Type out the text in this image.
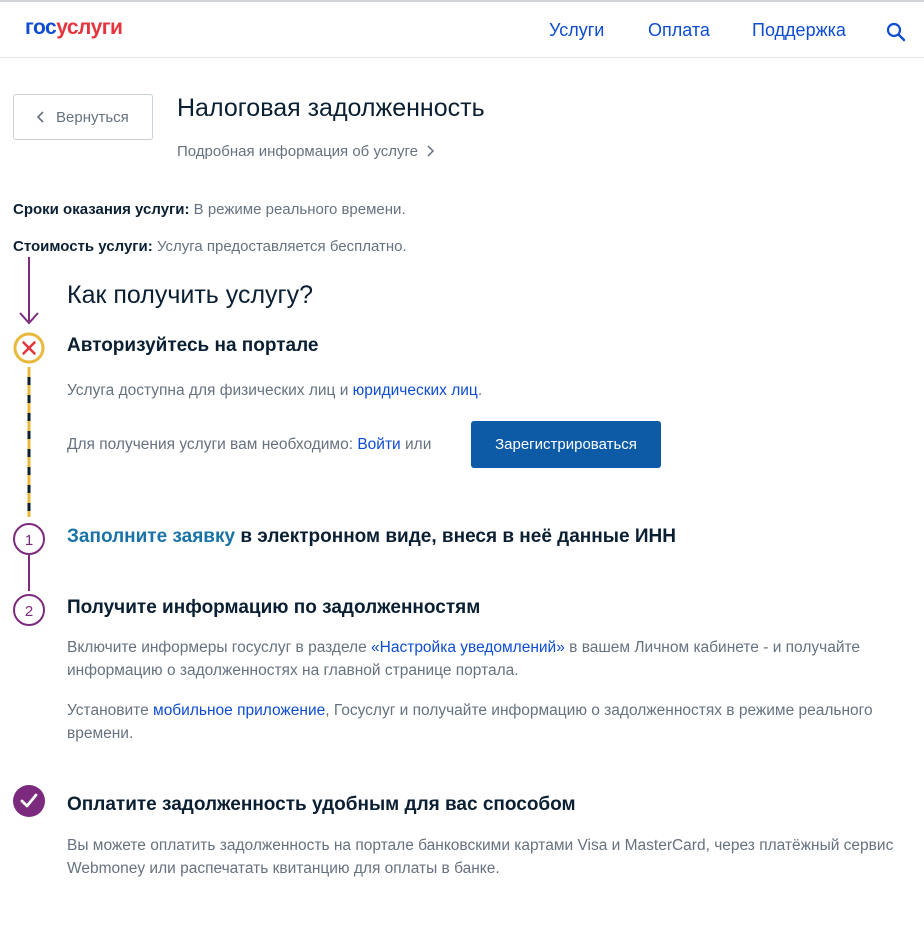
госуслуги	Услуги Оплата Поддержка
Вернуться Налоговая задолженность
Подробная информация об услуге
Сроки оказания услуги: В режиме реального времени.
Стоимость услуги: Услуга предоставляется бесплатно.
Как получить услугу?
1
2
Авторизуйтесь на портале
Услуга доступна для физических лиц и юридических лиц.
Для получения услуги вам необходимо: Войти или	Зарегистрироваться
Заполните заявку в электронном виде, внеся в неё данные ИНН
Получите информацию по задолженностям
Включите информеры госуслуг в разделе «Настройка уведомлений» в вашем Личном кабинете - и получайте информацию о задолженностях на главной странице портала.
Установите мобильное приложение, Госуслуг и получайте информацию о задолженностях в режиме реального времени.
Оплатите задолженность удобным для вас способом
Вы можете оплатить задолженность на портале банковскими картами Visa и MasterCard, через платёжный сервис Webmoney или распечатать квитанцию для оплаты в банке.
